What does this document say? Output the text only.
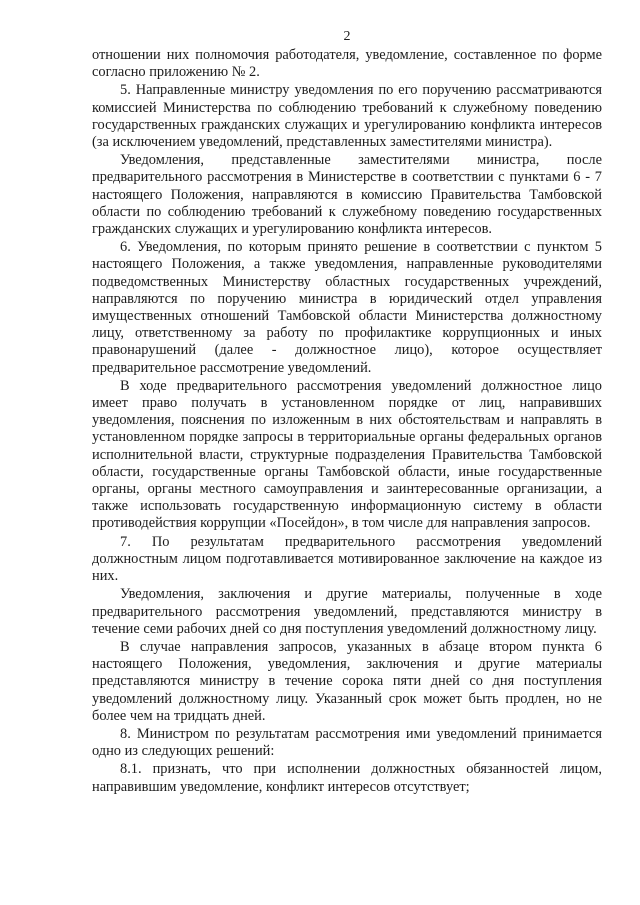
2

отношении них полномочия работодателя, уведомление, составленное по форме согласно приложению № 2.

5. Направленные министру уведомления по его поручению рассматриваются комиссией Министерства по соблюдению требований к служебному поведению государственных гражданских служащих и урегулированию конфликта интересов (за исключением уведомлений, представленных заместителями министра).

Уведомления, представленные заместителями министра, после предварительного рассмотрения в Министерстве в соответствии с пунктами 6 - 7 настоящего Положения, направляются в комиссию Правительства Тамбовской области по соблюдению требований к служебному поведению государственных гражданских служащих и урегулированию конфликта интересов.

6. Уведомления, по которым принято решение в соответствии с пунктом 5 настоящего Положения, а также уведомления, направленные руководителями подведомственных Министерству областных государственных учреждений, направляются по поручению министра в юридический отдел управления имущественных отношений Тамбовской области Министерства должностному лицу, ответственному за работу по профилактике коррупционных и иных правонарушений (далее - должностное лицо), которое осуществляет предварительное рассмотрение уведомлений.

В ходе предварительного рассмотрения уведомлений должностное лицо имеет право получать в установленном порядке от лиц, направивших уведомления, пояснения по изложенным в них обстоятельствам и направлять в установленном порядке запросы в территориальные органы федеральных органов исполнительной власти, структурные подразделения Правительства Тамбовской области, государственные органы Тамбовской области, иные государственные органы, органы местного самоуправления и заинтересованные организации, а также использовать государственную информационную систему в области противодействия коррупции «Посейдон», в том числе для направления запросов.

7. По результатам предварительного рассмотрения уведомлений должностным лицом подготавливается мотивированное заключение на каждое из них.

Уведомления, заключения и другие материалы, полученные в ходе предварительного рассмотрения уведомлений, представляются министру в течение семи рабочих дней со дня поступления уведомлений должностному лицу.

В случае направления запросов, указанных в абзаце втором пункта 6 настоящего Положения, уведомления, заключения и другие материалы представляются министру в течение сорока пяти дней со дня поступления уведомлений должностному лицу. Указанный срок может быть продлен, но не более чем на тридцать дней.

8. Министром по результатам рассмотрения ими уведомлений принимается одно из следующих решений:

8.1. признать, что при исполнении должностных обязанностей лицом, направившим уведомление, конфликт интересов отсутствует;
